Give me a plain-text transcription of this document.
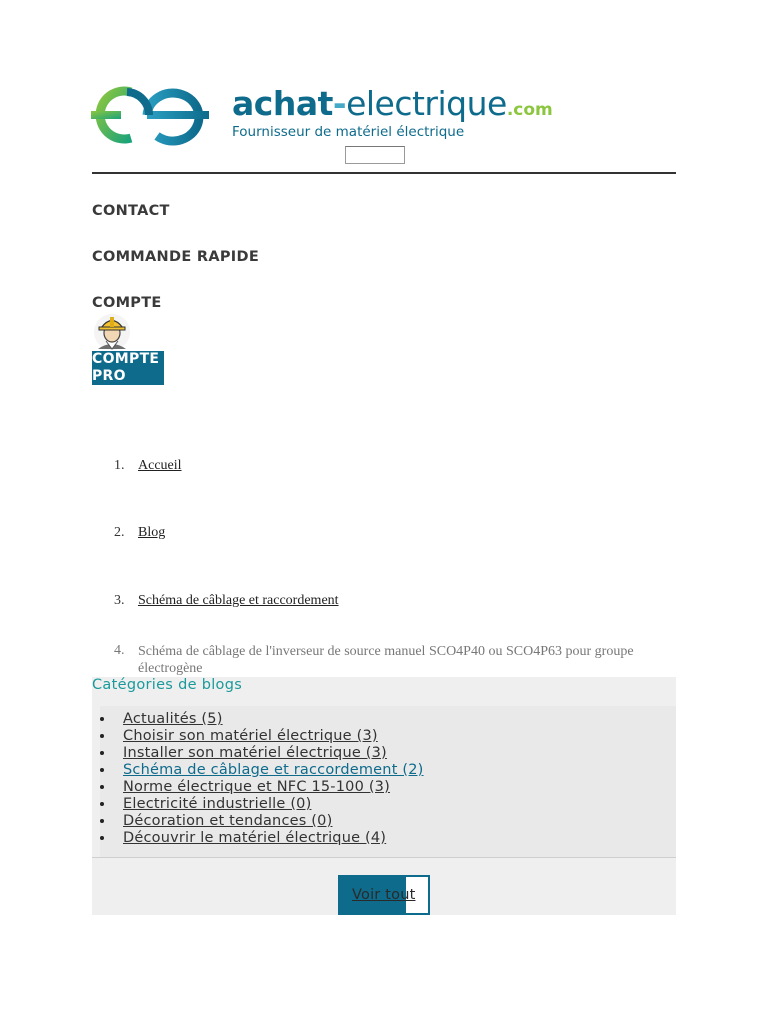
achat-electrique.com
Fournisseur de matériel électrique
CONTACT
COMMANDE RAPIDE
COMPTE
COMPTE
PRO
1. Accueil
2. Blog
3. Schéma de câblage et raccordement
4. Schéma de câblage de l'inverseur de source manuel SCO4P40 ou SCO4P63 pour groupe électrogène
Catégories de blogs
Actualités (5)
Choisir son matériel électrique (3)
Installer son matériel électrique (3)
Schéma de câblage et raccordement (2)
Norme électrique et NFC 15-100 (3)
Electricité industrielle (0)
Décoration et tendances (0)
Découvrir le matériel électrique (4)
Voir tout
